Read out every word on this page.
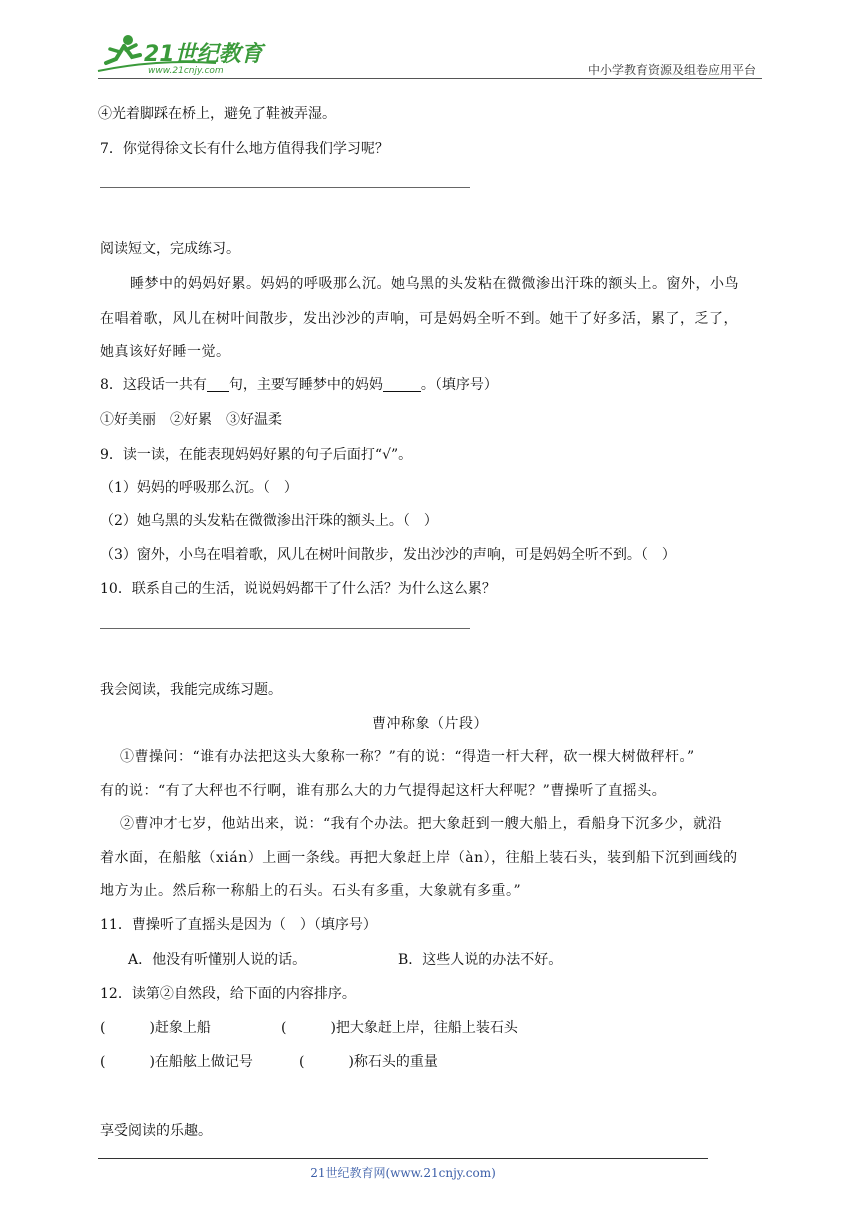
21世纪教育
www.21cnjy.com	中小学教育资源及组卷应用平台
④光着脚踩在桥上，避免了鞋被弄湿。
7．你觉得徐文长有什么地方值得我们学习呢？
阅读短文，完成练习。
睡梦中的妈妈好累。妈妈的呼吸那么沉。她乌黑的头发粘在微微渗出汗珠的额头上。窗外，小鸟
在唱着歌，风儿在树叶间散步，发出沙沙的声响，可是妈妈全听不到。她干了好多活，累了，乏了，
她真该好好睡一觉。
8．这段话一共有 句，主要写睡梦中的妈妈	。（填序号）
①好美丽　②好累　③好温柔
9．读一读，在能表现妈妈好累的句子后面打“√”。
（1）妈妈的呼吸那么沉。（　）
（2）她乌黑的头发粘在微微渗出汗珠的额头上。（　）
（3）窗外，小鸟在唱着歌，风儿在树叶间散步，发出沙沙的声响，可是妈妈全听不到。（　）
10．联系自己的生活，说说妈妈都干了什么活？为什么这么累？
我会阅读，我能完成练习题。
曹冲称象（片段）
①曹操问：“谁有办法把这头大象称一称？”有的说：“得造一杆大秤，砍一棵大树做秤杆。”
有的说：“有了大秤也不行啊，谁有那么大的力气提得起这杆大秤呢？”曹操听了直摇头。
②曹冲才七岁，他站出来，说：“我有个办法。把大象赶到一艘大船上，看船身下沉多少，就沿
着水面，在船舷（xián）上画一条线。再把大象赶上岸（àn），往船上装石头，装到船下沉到画线的
地方为止。然后称一称船上的石头。石头有多重，大象就有多重。”
11．曹操听了直摇头是因为（　）（填序号）
A．他没有听懂别人说的话。	B．这些人说的办法不好。
12．读第②自然段，给下面的内容排序。
(	)赶象上船	(	)把大象赶上岸，往船上装石头
(	)在船舷上做记号	(	)称石头的重量
享受阅读的乐趣。
21世纪教育网(www.21cnjy.com)
